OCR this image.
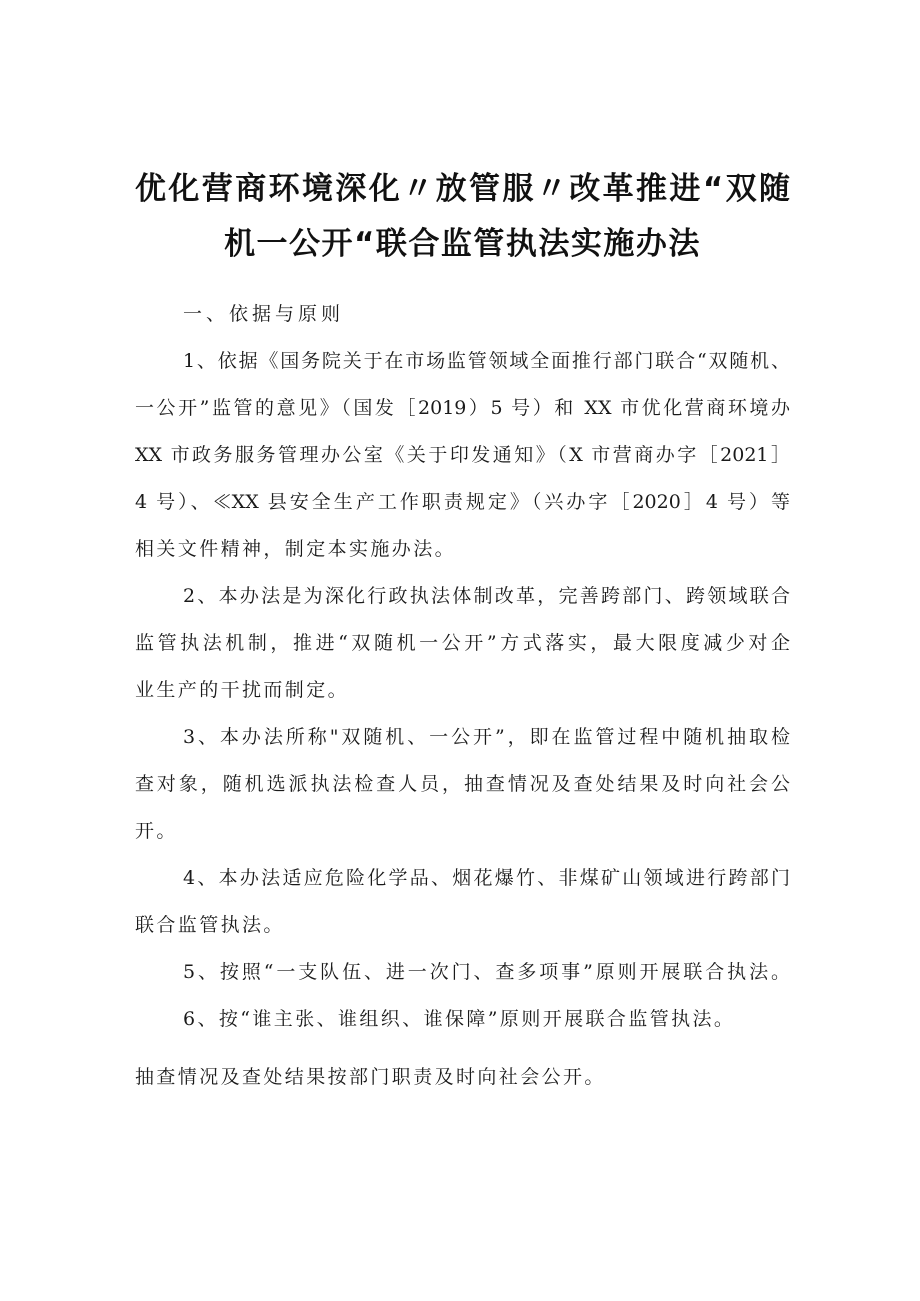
优化营商环境深化〃放管服〃改革推进“双随
机一公开“联合监管执法实施办法
一、依据与原则
1、依据《国务院关于在市场监管领域全面推行部门联合“双随机、
一公开”监管的意见》（国发［2019）5 号）和 XX 市优化营商环境办
XX 市政务服务管理办公室《关于印发通知》（X 市营商办字［2021］
4 号）、≪XX 县安全生产工作职责规定》（兴办字［2020］4 号）等
相关文件精神，制定本实施办法。
2、本办法是为深化行政执法体制改革，完善跨部门、跨领域联合
监管执法机制，推进“双随机一公开”方式落实，最大限度减少对企
业生产的干扰而制定。
3、本办法所称"双随机、一公开”，即在监管过程中随机抽取检
查对象，随机选派执法检查人员，抽查情况及查处结果及时向社会公
开。
4、本办法适应危险化学品、烟花爆竹、非煤矿山领域进行跨部门
联合监管执法。
5、按照“一支队伍、进一次门、查多项事”原则开展联合执法。
6、按“谁主张、谁组织、谁保障”原则开展联合监管执法。
抽查情况及查处结果按部门职责及时向社会公开。
